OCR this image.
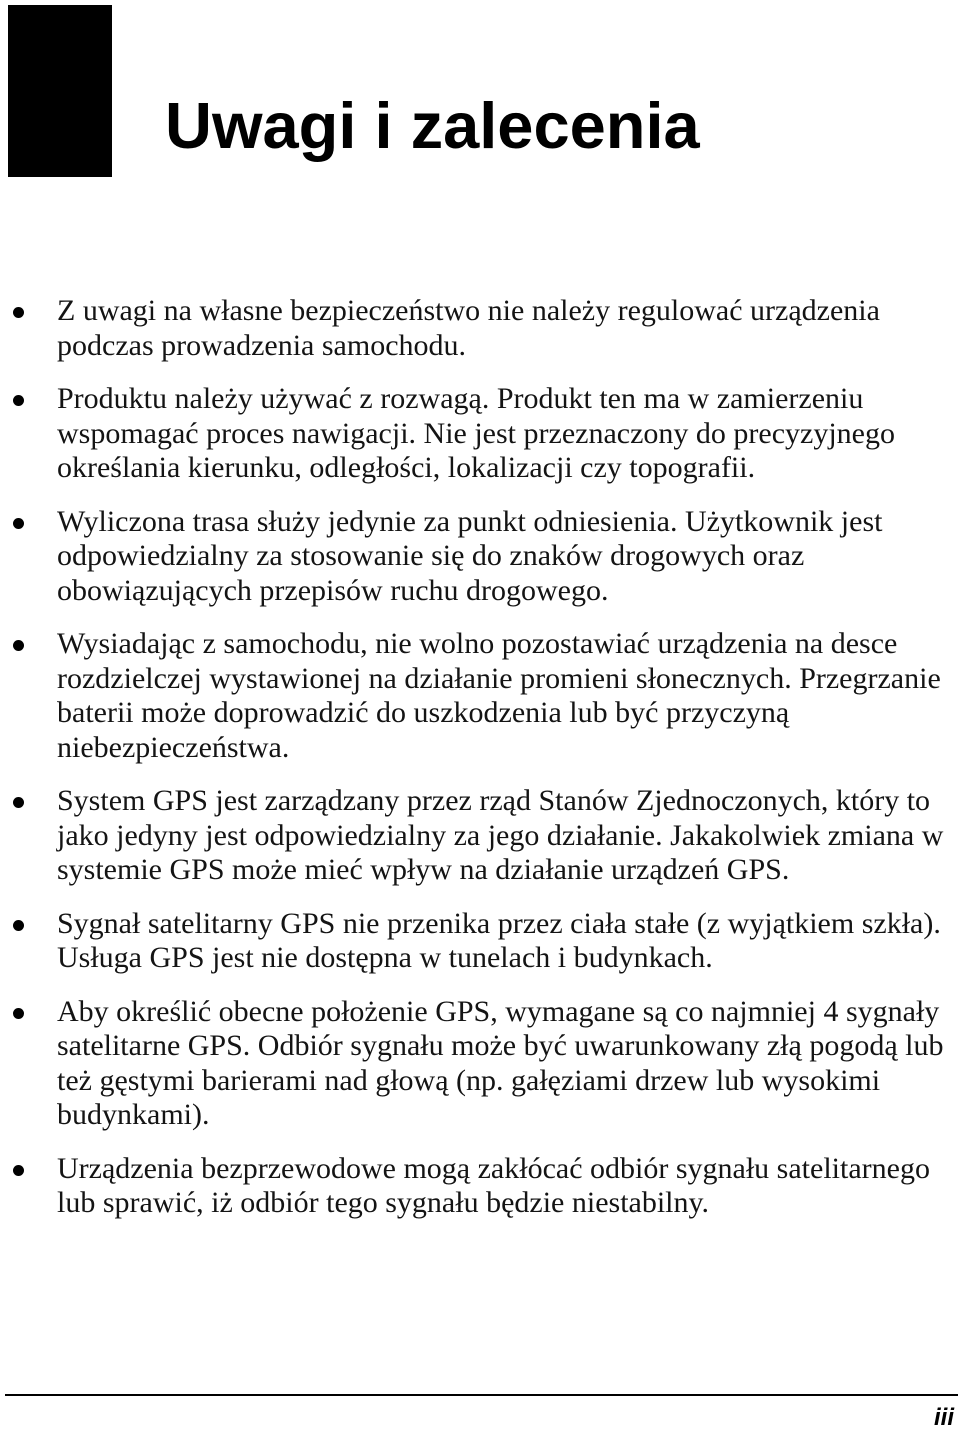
Uwagi i zalecenia
Z uwagi na własne bezpieczeństwo nie należy regulować urządzenia
podczas prowadzenia samochodu.
Produktu należy używać z rozwagą. Produkt ten ma w zamierzeniu
wspomagać proces nawigacji. Nie jest przeznaczony do precyzyjnego
określania kierunku, odległości, lokalizacji czy topografii.
Wyliczona trasa służy jedynie za punkt odniesienia. Użytkownik jest
odpowiedzialny za stosowanie się do znaków drogowych oraz
obowiązujących przepisów ruchu drogowego.
Wysiadając z samochodu, nie wolno pozostawiać urządzenia na desce
rozdzielczej wystawionej na działanie promieni słonecznych. Przegrzanie
baterii może doprowadzić do uszkodzenia lub być przyczyną
niebezpieczeństwa.
System GPS jest zarządzany przez rząd Stanów Zjednoczonych, który to
jako jedyny jest odpowiedzialny za jego działanie. Jakakolwiek zmiana w
systemie GPS może mieć wpływ na działanie urządzeń GPS.
Sygnał satelitarny GPS nie przenika przez ciała stałe (z wyjątkiem szkła).
Usługa GPS jest nie dostępna w tunelach i budynkach.
Aby określić obecne położenie GPS, wymagane są co najmniej 4 sygnały
satelitarne GPS. Odbiór sygnału może być uwarunkowany złą pogodą lub
też gęstymi barierami nad głową (np. gałęziami drzew lub wysokimi
budynkami).
Urządzenia bezprzewodowe mogą zakłócać odbiór sygnału satelitarnego
lub sprawić, iż odbiór tego sygnału będzie niestabilny.
iii
